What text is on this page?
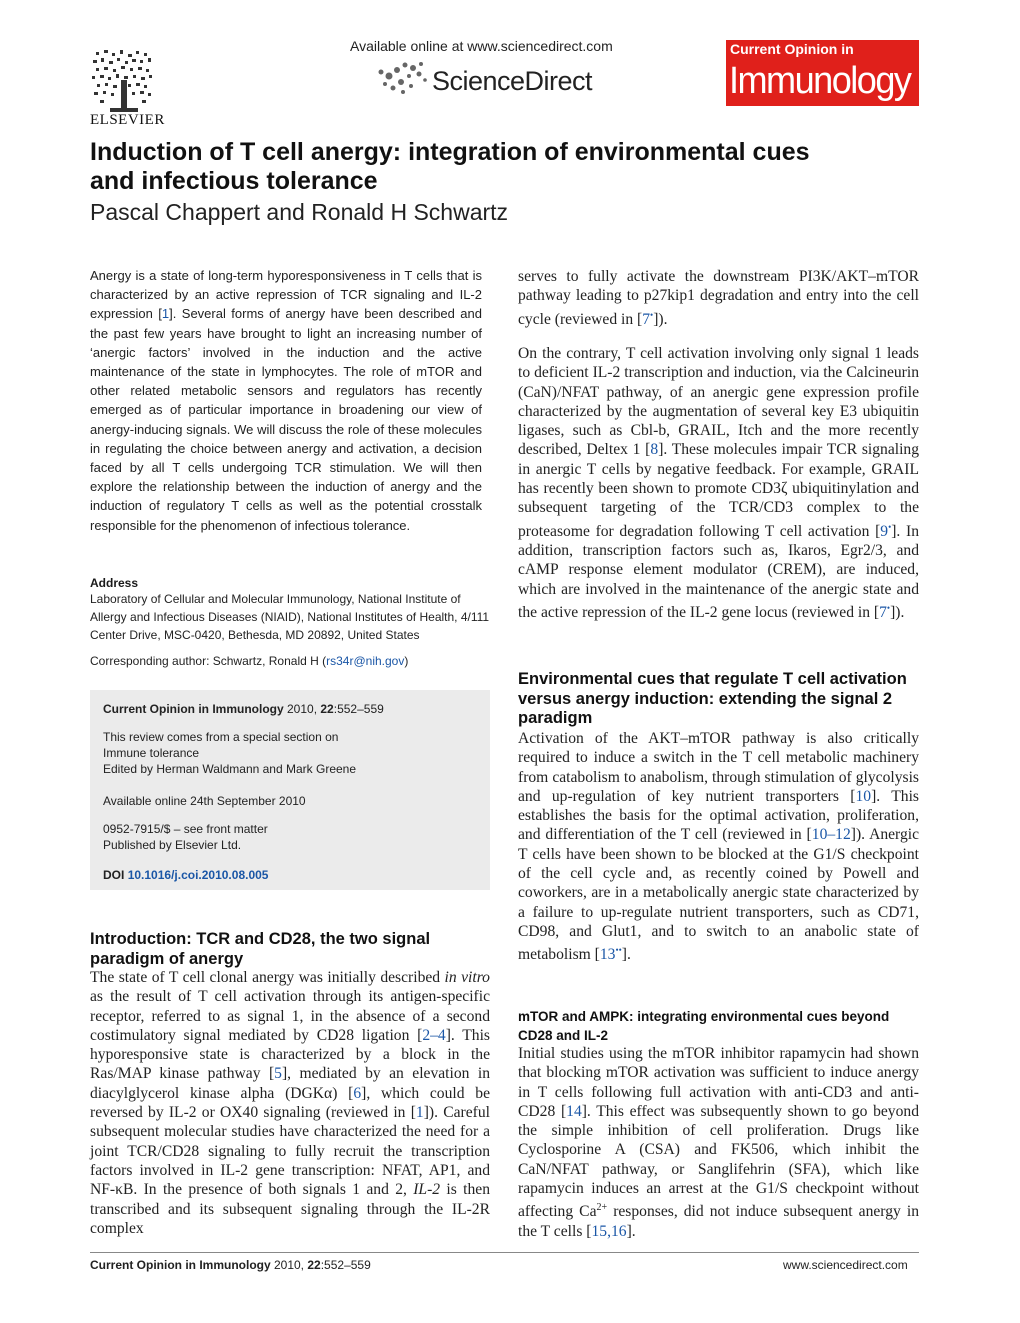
ELSEVIER
Available online at www.sciencedirect.com
ScienceDirect
Current Opinion in
Immunology
Induction of T cell anergy: integration of environmental cues and infectious tolerance
Pascal Chappert and Ronald H Schwartz
Anergy is a state of long-term hyporesponsiveness in T cells that is characterized by an active repression of TCR signaling and IL-2 expression [1]. Several forms of anergy have been described and the past few years have brought to light an increasing number of ‘anergic factors’ involved in the induction and the active maintenance of the state in lymphocytes. The role of mTOR and other related metabolic sensors and regulators has recently emerged as of particular importance in broadening our view of anergy-inducing signals. We will discuss the role of these molecules in regulating the choice between anergy and activation, a decision faced by all T cells undergoing TCR stimulation. We will then explore the relationship between the induction of anergy and the induction of regulatory T cells as well as the potential crosstalk responsible for the phenomenon of infectious tolerance.
Address
Laboratory of Cellular and Molecular Immunology, National Institute of Allergy and Infectious Diseases (NIAID), National Institutes of Health, 4/111 Center Drive, MSC-0420, Bethesda, MD 20892, United States
Corresponding author: Schwartz, Ronald H (rs34r@nih.gov)
Current Opinion in Immunology 2010, 22:552–559
This review comes from a special section on
Immune tolerance
Edited by Herman Waldmann and Mark Greene
Available online 24th September 2010
0952-7915/$ – see front matter
Published by Elsevier Ltd.
DOI 10.1016/j.coi.2010.08.005
Introduction: TCR and CD28, the two signal paradigm of anergy

The state of T cell clonal anergy was initially described in vitro as the result of T cell activation through its antigen-specific receptor, referred to as signal 1, in the absence of a second costimulatory signal mediated by CD28 ligation [2–4]. This hyporesponsive state is characterized by a block in the Ras/MAP kinase pathway [5], mediated by an elevation in diacylglycerol kinase alpha (DGKα) [6], which could be reversed by IL-2 or OX40 signaling (reviewed in [1]). Careful subsequent molecular studies have characterized the need for a joint TCR/CD28 signaling to fully recruit the transcription factors involved in IL-2 gene transcription: NFAT, AP1, and NF-κB. In the presence of both signals 1 and 2, IL-2 is then transcribed and its subsequent signaling through the IL-2R complex

serves to fully activate the downstream PI3K/AKT–mTOR pathway leading to p27kip1 degradation and entry into the cell cycle (reviewed in [7•]).

On the contrary, T cell activation involving only signal 1 leads to deficient IL-2 transcription and induction, via the Calcineurin (CaN)/NFAT pathway, of an anergic gene expression profile characterized by the augmentation of several key E3 ubiquitin ligases, such as Cbl-b, GRAIL, Itch and the more recently described, Deltex 1 [8]. These molecules impair TCR signaling in anergic T cells by negative feedback. For example, GRAIL has recently been shown to promote CD3ζ ubiquitinylation and subsequent targeting of the TCR/CD3 complex to the proteasome for degradation following T cell activation [9•]. In addition, transcription factors such as, Ikaros, Egr2/3, and cAMP response element modulator (CREM), are induced, which are involved in the maintenance of the anergic state and the active repression of the IL-2 gene locus (reviewed in [7•]).

Environmental cues that regulate T cell activation versus anergy induction: extending the signal 2 paradigm

Activation of the AKT–mTOR pathway is also critically required to induce a switch in the T cell metabolic machinery from catabolism to anabolism, through stimulation of glycolysis and up-regulation of key nutrient transporters [10]. This establishes the basis for the optimal activation, proliferation, and differentiation of the T cell (reviewed in [10–12]). Anergic T cells have been shown to be blocked at the G1/S checkpoint of the cell cycle and, as recently coined by Powell and coworkers, are in a metabolically anergic state characterized by a failure to up-regulate nutrient transporters, such as CD71, CD98, and Glut1, and to switch to an anabolic state of metabolism [13••].

mTOR and AMPK: integrating environmental cues beyond CD28 and IL-2

Initial studies using the mTOR inhibitor rapamycin had shown that blocking mTOR activation was sufficient to induce anergy in T cells following full activation with anti-CD3 and anti-CD28 [14]. This effect was subsequently shown to go beyond the simple inhibition of cell proliferation. Drugs like Cyclosporine A (CSA) and FK506, which inhibit the CaN/NFAT pathway, or Sanglifehrin (SFA), which like rapamycin induces an arrest at the G1/S checkpoint without affecting $Ca^{2+}$ responses, did not induce subsequent anergy in the T cells [15,16].

Current Opinion in Immunology 2010, 22:552–559	www.sciencedirect.com
